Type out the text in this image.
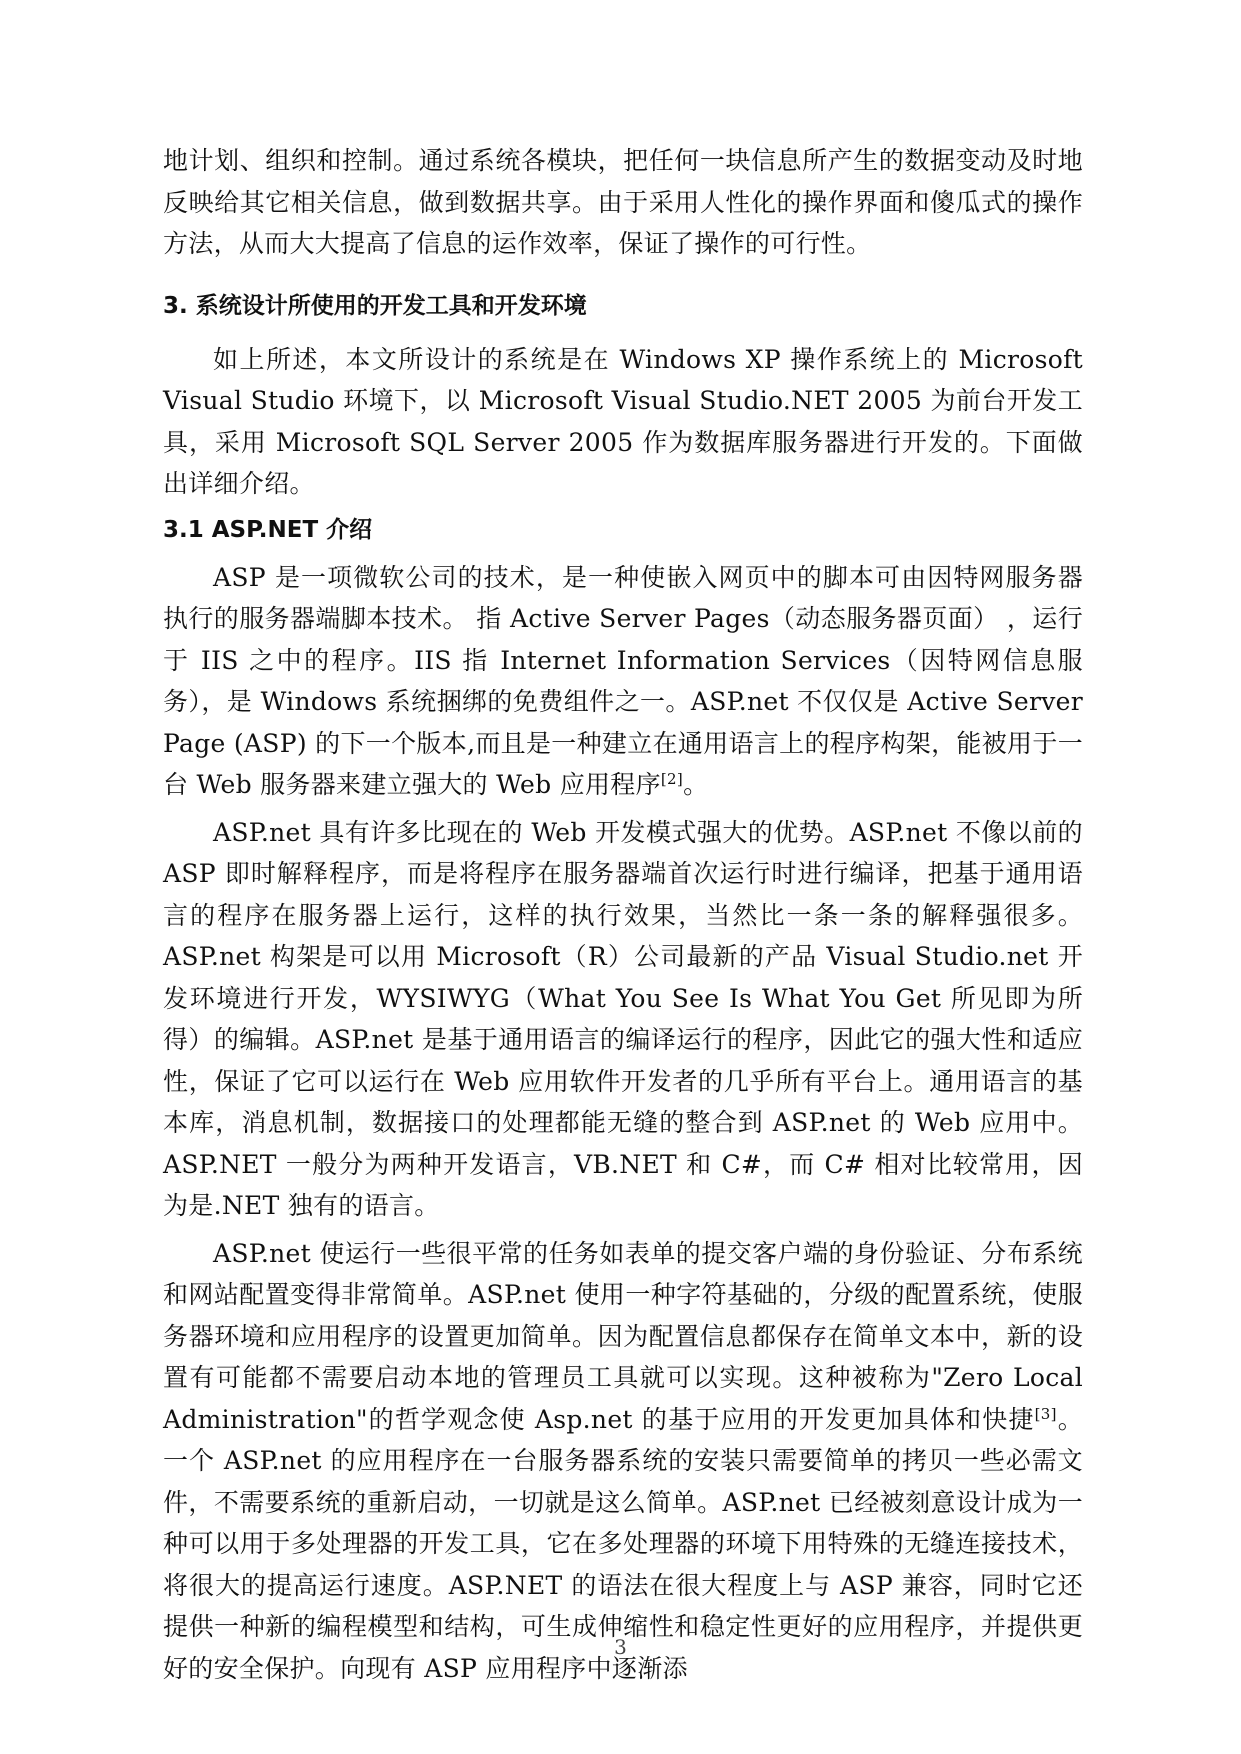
地计划、组织和控制。通过系统各模块，把任何一块信息所产生的数据变动及时地反映给其它相关信息，做到数据共享。由于采用人性化的操作界面和傻瓜式的操作方法，从而大大提高了信息的运作效率，保证了操作的可行性。

3. 系统设计所使用的开发工具和开发环境

如上所述，本文所设计的系统是在 Windows XP 操作系统上的 Microsoft Visual Studio 环境下，以 Microsoft Visual Studio.NET 2005 为前台开发工具，采用 Microsoft SQL Server 2005 作为数据库服务器进行开发的。下面做出详细介绍。

3.1 ASP.NET 介绍

ASP 是一项微软公司的技术，是一种使嵌入网页中的脚本可由因特网服务器执行的服务器端脚本技术。 指 Active Server Pages（动态服务器页面） ，运行于 IIS 之中的程序。IIS 指 Internet Information Services（因特网信息服务），是 Windows 系统捆绑的免费组件之一。ASP.net 不仅仅是 Active Server Page (ASP) 的下一个版本,而且是一种建立在通用语言上的程序构架，能被用于一台 Web 服务器来建立强大的 Web 应用程序[2]。

ASP.net 具有许多比现在的 Web 开发模式强大的优势。ASP.net 不像以前的 ASP 即时解释程序，而是将程序在服务器端首次运行时进行编译，把基于通用语言的程序在服务器上运行，这样的执行效果，当然比一条一条的解释强很多。ASP.net 构架是可以用 Microsoft（R）公司最新的产品 Visual Studio.net 开发环境进行开发，WYSIWYG（What You See Is What You Get 所见即为所得）的编辑。ASP.net 是基于通用语言的编译运行的程序，因此它的强大性和适应性，保证了它可以运行在 Web 应用软件开发者的几乎所有平台上。通用语言的基本库，消息机制，数据接口的处理都能无缝的整合到 ASP.net 的 Web 应用中。ASP.NET 一般分为两种开发语言，VB.NET 和 C#，而 C# 相对比较常用，因为是.NET 独有的语言。

ASP.net 使运行一些很平常的任务如表单的提交客户端的身份验证、分布系统和网站配置变得非常简单。ASP.net 使用一种字符基础的，分级的配置系统，使服务器环境和应用程序的设置更加简单。因为配置信息都保存在简单文本中，新的设置有可能都不需要启动本地的管理员工具就可以实现。这种被称为"Zero Local Administration"的哲学观念使 Asp.net 的基于应用的开发更加具体和快捷[3]。一个 ASP.net 的应用程序在一台服务器系统的安装只需要简单的拷贝一些必需文件，不需要系统的重新启动，一切就是这么简单。ASP.net 已经被刻意设计成为一种可以用于多处理器的开发工具，它在多处理器的环境下用特殊的无缝连接技术，将很大的提高运行速度。ASP.NET 的语法在很大程度上与 ASP 兼容，同时它还提供一种新的编程模型和结构，可生成伸缩性和稳定性更好的应用程序，并提供更好的安全保护。向现有 ASP 应用程序中逐渐添

3
